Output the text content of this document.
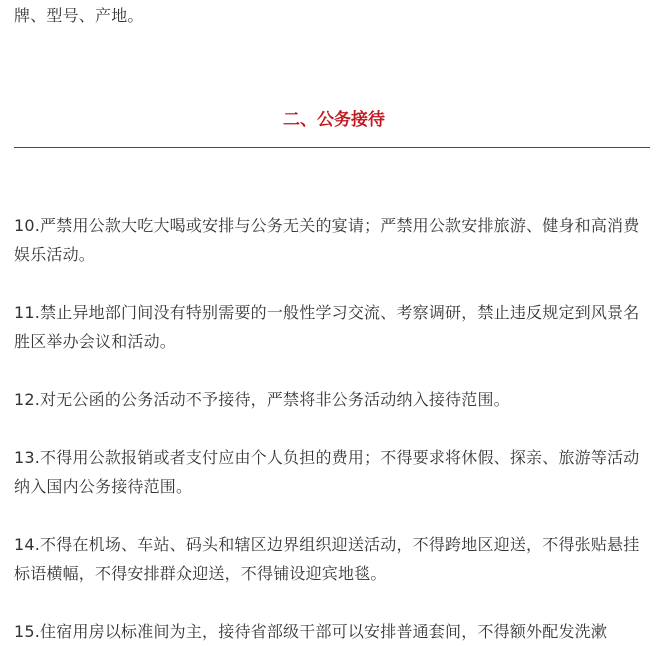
牌、型号、产地。

二、公务接待

10.严禁用公款大吃大喝或安排与公务无关的宴请；严禁用公款安排旅游、健身和高消费娱乐活动。

11.禁止异地部门间没有特别需要的一般性学习交流、考察调研，禁止违反规定到风景名胜区举办会议和活动。

12.对无公函的公务活动不予接待，严禁将非公务活动纳入接待范围。

13.不得用公款报销或者支付应由个人负担的费用；不得要求将休假、探亲、旅游等活动纳入国内公务接待范围。

14.不得在机场、车站、码头和辖区边界组织迎送活动，不得跨地区迎送，不得张贴悬挂标语横幅，不得安排群众迎送，不得铺设迎宾地毯。

15.住宿用房以标准间为主，接待省部级干部可以安排普通套间，不得额外配发洗漱
